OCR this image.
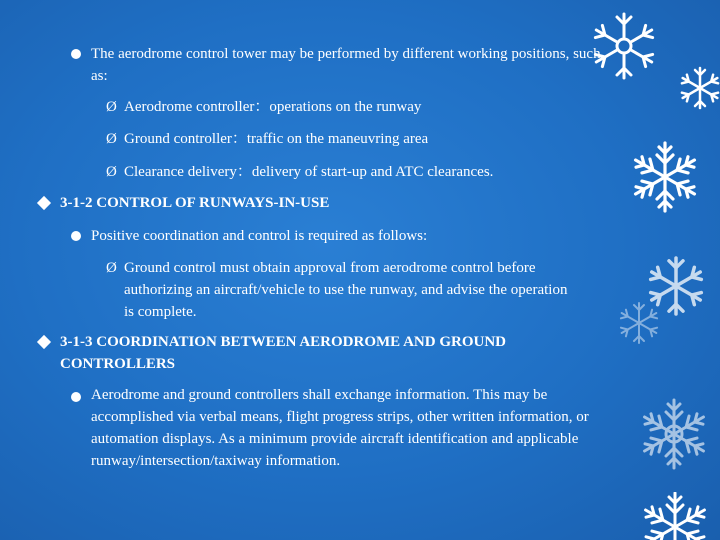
The aerodrome control tower may be performed by different working positions, such as:
Ø Aerodrome controller：operations on the runway
Ø Ground controller：traffic on the maneuvring area
Ø Clearance delivery：delivery of start-up and ATC clearances.
3-1-2 CONTROL OF RUNWAYS-IN-USE
Positive coordination and control is required as follows:
Ø Ground control must obtain approval from aerodrome control before authorizing an aircraft/vehicle to use the runway, and advise the operation is complete.
3-1-3 COORDINATION BETWEEN AERODROME AND GROUND CONTROLLERS
Aerodrome and ground controllers shall exchange information. This may be accomplished via verbal means, flight progress strips, other written information, or automation displays. As a minimum provide aircraft identification and applicable runway/intersection/taxiway information.
